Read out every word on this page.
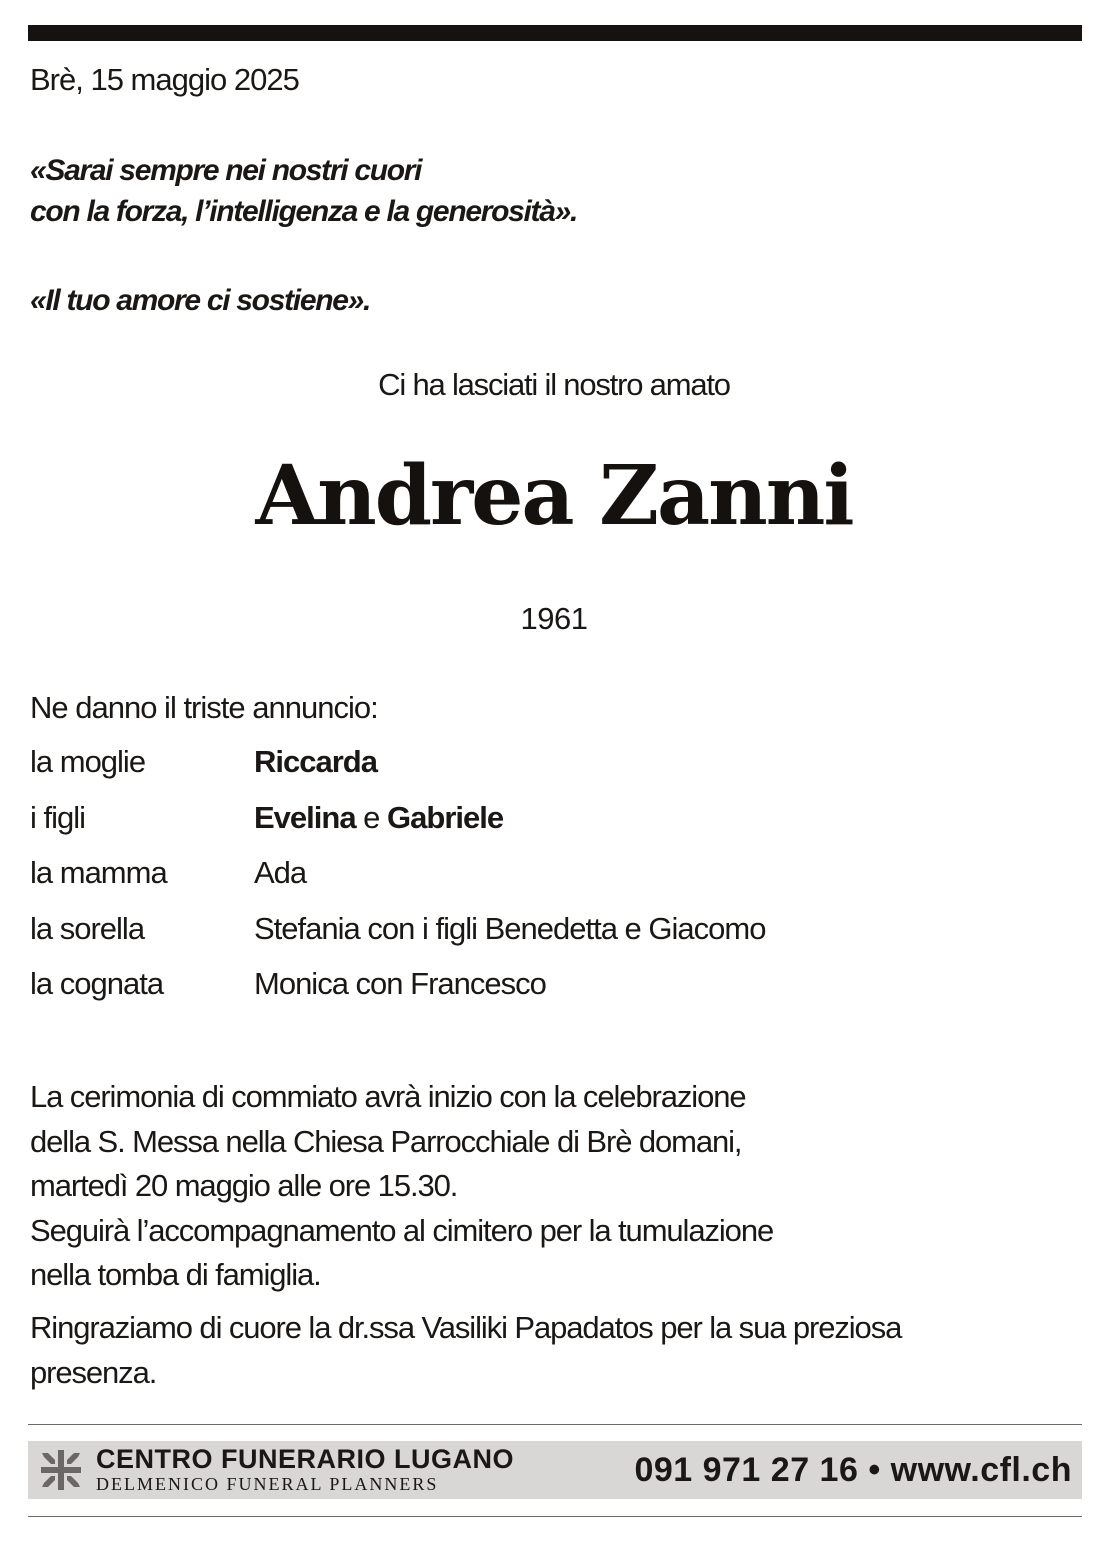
Brè, 15 maggio 2025
«Sarai sempre nei nostri cuori
con la forza, l’intelligenza e la generosità».
«Il tuo amore ci sostiene».
Ci ha lasciati il nostro amato
Andrea Zanni
1961
Ne danno il triste annuncio:
la moglie	Riccarda
i figli	Evelina e Gabriele
la mamma	Ada
la sorella	Stefania con i figli Benedetta e Giacomo
la cognata	Monica con Francesco
La cerimonia di commiato avrà inizio con la celebrazione
della S. Messa nella Chiesa Parrocchiale di Brè domani,
martedì 20 maggio alle ore 15.30.
Seguirà l’accompagnamento al cimitero per la tumulazione
nella tomba di famiglia.
Ringraziamo di cuore la dr.ssa Vasiliki Papadatos per la sua preziosa
presenza.
CENTRO FUNERARIO LUGANO
DELMENICO FUNERAL PLANNERS	091 971 27 16 • www.cfl.ch
